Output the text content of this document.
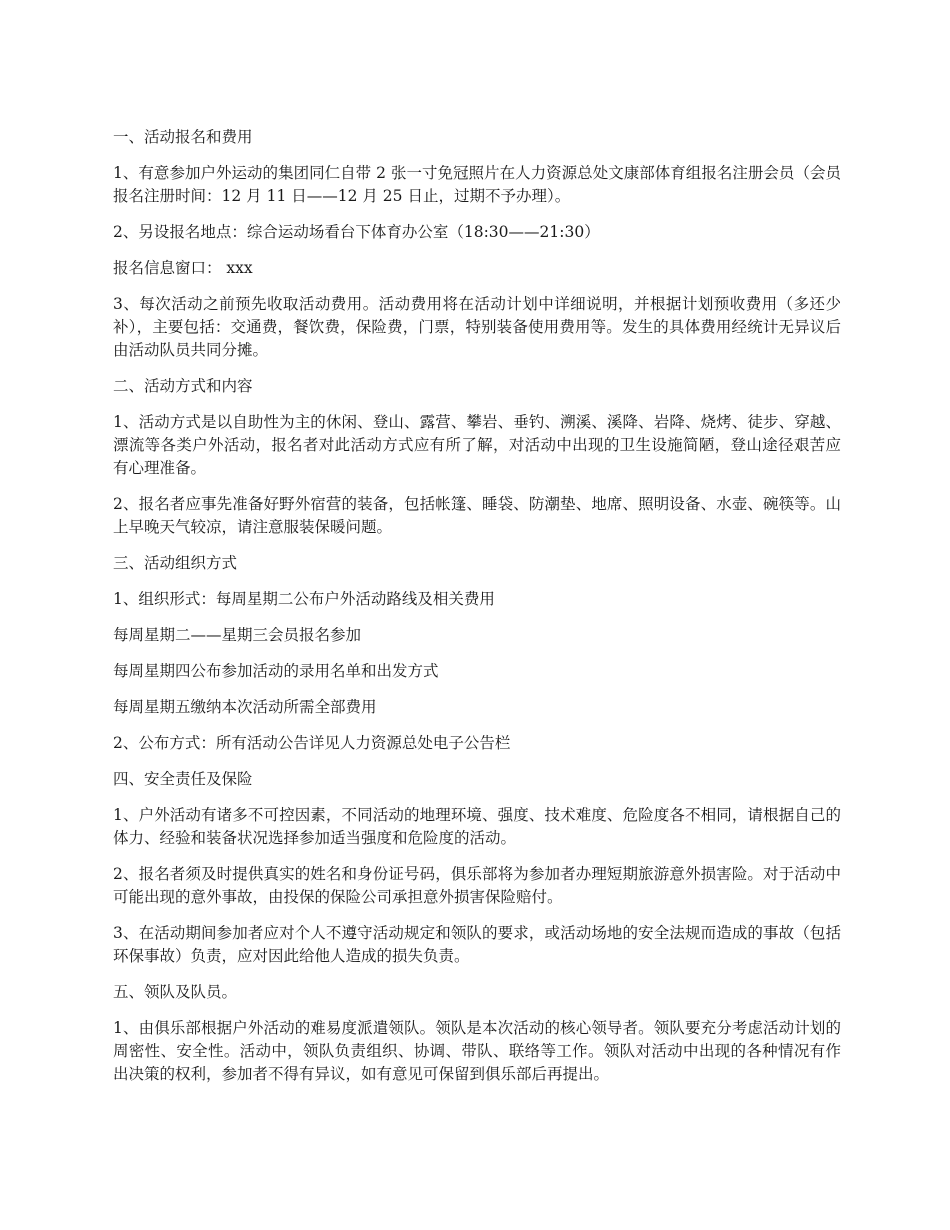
一、活动报名和费用

1、有意参加户外运动的集团同仁自带 2 张一寸免冠照片在人力资源总处文康部体育组报名注册会员（会员报名注册时间：12 月 11 日——12 月 25 日止，过期不予办理）。

2、另设报名地点：综合运动场看台下体育办公室（18:30——21:30）

报名信息窗口： xxx

3、每次活动之前预先收取活动费用。活动费用将在活动计划中详细说明，并根据计划预收费用（多还少补），主要包括：交通费，餐饮费，保险费，门票，特别装备使用费用等。发生的具体费用经统计无异议后由活动队员共同分摊。

二、活动方式和内容

1、活动方式是以自助性为主的休闲、登山、露营、攀岩、垂钓、溯溪、溪降、岩降、烧烤、徒步、穿越、漂流等各类户外活动，报名者对此活动方式应有所了解，对活动中出现的卫生设施简陋，登山途径艰苦应有心理准备。

2、报名者应事先准备好野外宿营的装备，包括帐篷、睡袋、防潮垫、地席、照明设备、水壶、碗筷等。山上早晚天气较凉，请注意服装保暖问题。

三、活动组织方式

1、组织形式：每周星期二公布户外活动路线及相关费用

每周星期二——星期三会员报名参加

每周星期四公布参加活动的录用名单和出发方式

每周星期五缴纳本次活动所需全部费用

2、公布方式：所有活动公告详见人力资源总处电子公告栏

四、安全责任及保险

1、户外活动有诸多不可控因素，不同活动的地理环境、强度、技术难度、危险度各不相同，请根据自己的体力、经验和装备状况选择参加适当强度和危险度的活动。

2、报名者须及时提供真实的姓名和身份证号码，俱乐部将为参加者办理短期旅游意外损害险。对于活动中可能出现的意外事故，由投保的保险公司承担意外损害保险赔付。

3、在活动期间参加者应对个人不遵守活动规定和领队的要求，或活动场地的安全法规而造成的事故（包括环保事故）负责，应对因此给他人造成的损失负责。

五、领队及队员。

1、由俱乐部根据户外活动的难易度派遣领队。领队是本次活动的核心领导者。领队要充分考虑活动计划的周密性、安全性。活动中，领队负责组织、协调、带队、联络等工作。领队对活动中出现的各种情况有作出决策的权利，参加者不得有异议，如有意见可保留到俱乐部后再提出。
